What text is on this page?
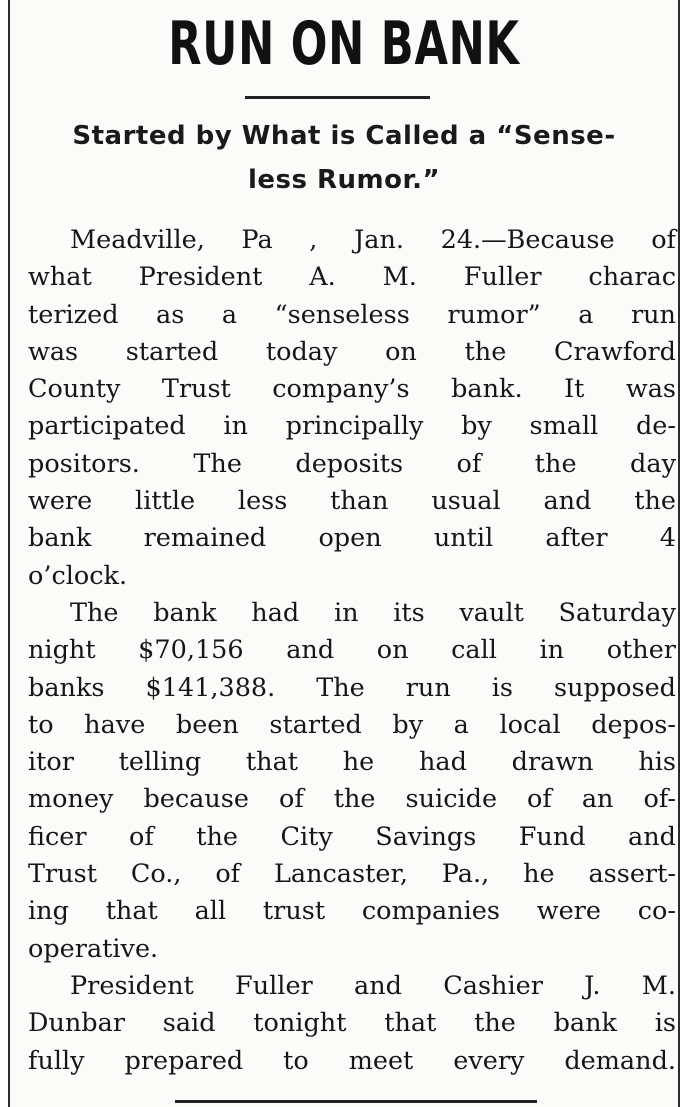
RUN ON BANK
Started by What is Called a “Sense-
less Rumor.”

Meadville, Pa , Jan. 24.—Because of
what President A. M. Fuller charac
terized as a “senseless rumor” a run
was started today on the Crawford
County Trust company’s bank. It was
participated in principally by small de-
positors. The deposits of the day
were little less than usual and the
bank remained open until after 4
o’clock.

The bank had in its vault Saturday
night $70,156 and on call in other
banks $141,388. The run is supposed
to have been started by a local depos-
itor telling that he had drawn his
money because of the suicide of an of-
ficer of the City Savings Fund and
Trust Co., of Lancaster, Pa., he assert-
ing that all trust companies were co-
operative.

President Fuller and Cashier J. M.
Dunbar said tonight that the bank is
fully prepared to meet every demand.
